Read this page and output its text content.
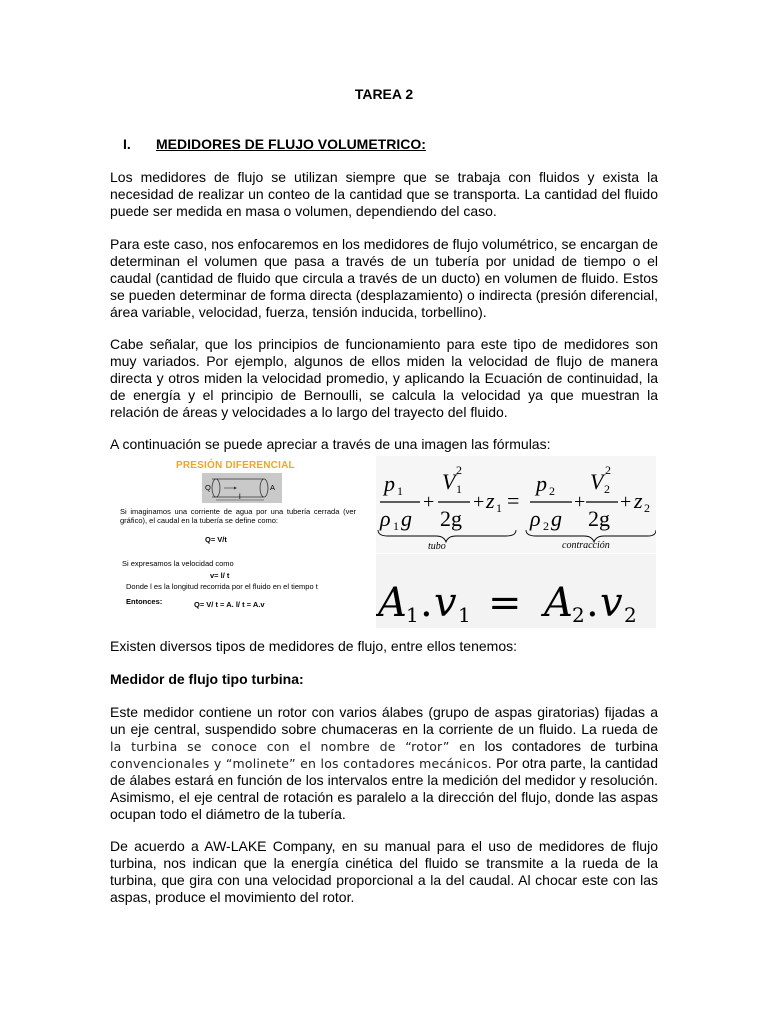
TAREA 2
I. MEDIDORES DE FLUJO VOLUMETRICO:
Los medidores de flujo se utilizan siempre que se trabaja con fluidos y exista la necesidad de realizar un conteo de la cantidad que se transporta. La cantidad del fluido puede ser medida en masa o volumen, dependiendo del caso.
Para este caso, nos enfocaremos en los medidores de flujo volumétrico, se encargan de determinan el volumen que pasa a través de un tubería por unidad de tiempo o el caudal (cantidad de fluido que circula a través de un ducto) en volumen de fluido. Estos se pueden determinar de forma directa (desplazamiento) o indirecta (presión diferencial, área variable, velocidad, fuerza, tensión inducida, torbellino).
Cabe señalar, que los principios de funcionamiento para este tipo de medidores son muy variados. Por ejemplo, algunos de ellos miden la velocidad de flujo de manera directa y otros miden la velocidad promedio, y aplicando la Ecuación de continuidad, la de energía y el principio de Bernoulli, se calcula la velocidad ya que muestran la relación de áreas y velocidades a lo largo del trayecto del fluido.
A continuación se puede apreciar a través de una imagen las fórmulas:
PRESIÓN DIFERENCIAL
Q	A
l
Si imaginamos una corriente de agua por una tubería cerrada (ver gráfico), el caudal en la tubería se define como:
Q= V/t
Si expresamos la velocidad como
v= l/ t
Donde l es la longitud recorrida por el fluido en el tiempo t
Entonces:	Q= V/ t = A. l/ t = A.v
p 1
ρ 1 g
+
V 1
2
2g
+ z 1 =
p 2
ρ 2 g
+
V 2
2
2g
+ z 2
tubo	contracción
A 1 . v 1 = A 2 . v 2
Existen diversos tipos de medidores de flujo, entre ellos tenemos:
Medidor de flujo tipo turbina:
Este medidor contiene un rotor con varios álabes (grupo de aspas giratorias) fijadas a un eje central, suspendido sobre chumaceras en la corriente de un fluido. La rueda de la turbina se conoce con el nombre de “rotor” en los contadores de turbina convencionales y “molinete” en los contadores mecánicos. Por otra parte, la cantidad de álabes estará en función de los intervalos entre la medición del medidor y resolución. Asimismo, el eje central de rotación es paralelo a la dirección del flujo, donde las aspas ocupan todo el diámetro de la tubería.
De acuerdo a AW-LAKE Company, en su manual para el uso de medidores de flujo turbina, nos indican que la energía cinética del fluido se transmite a la rueda de la turbina, que gira con una velocidad proporcional a la del caudal. Al chocar este con las aspas, produce el movimiento del rotor.
